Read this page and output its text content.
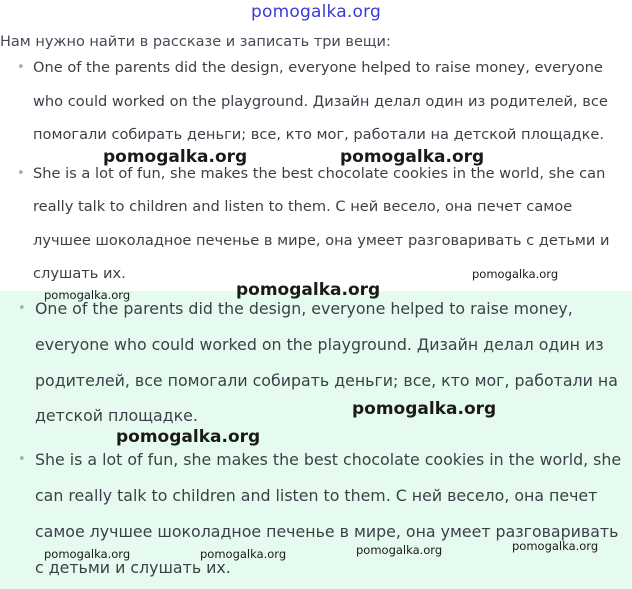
pomogalka.org
Нам нужно найти в рассказе и записать три вещи:
• One of the parents did the design, everyone helped to raise money, everyone who could worked on the playground. Дизайн делал один из родителей, все помогали собирать деньги; все, кто мог, работали на детской площадке.
• She is a lot of fun, she makes the best chocolate cookies in the world, she can really talk to children and listen to them. С ней весело, она печет самое лучшее шоколадное печенье в мире, она умеет разговаривать с детьми и слушать их.
• One of the parents did the design, everyone helped to raise money, everyone who could worked on the playground. Дизайн делал один из родителей, все помогали собирать деньги; все, кто мог, работали на детской площадке.
• She is a lot of fun, she makes the best chocolate cookies in the world, she can really talk to children and listen to them. С ней весело, она печет самое лучшее шоколадное печенье в мире, она умеет разговаривать с детьми и слушать их.
pomogalka.org	pomogalka.org
pomogalka.org
pomogalka.org	pomogalka.org
pomogalka.org
pomogalka.org
pomogalka.org	pomogalka.org	pomogalka.org	pomogalka.org
